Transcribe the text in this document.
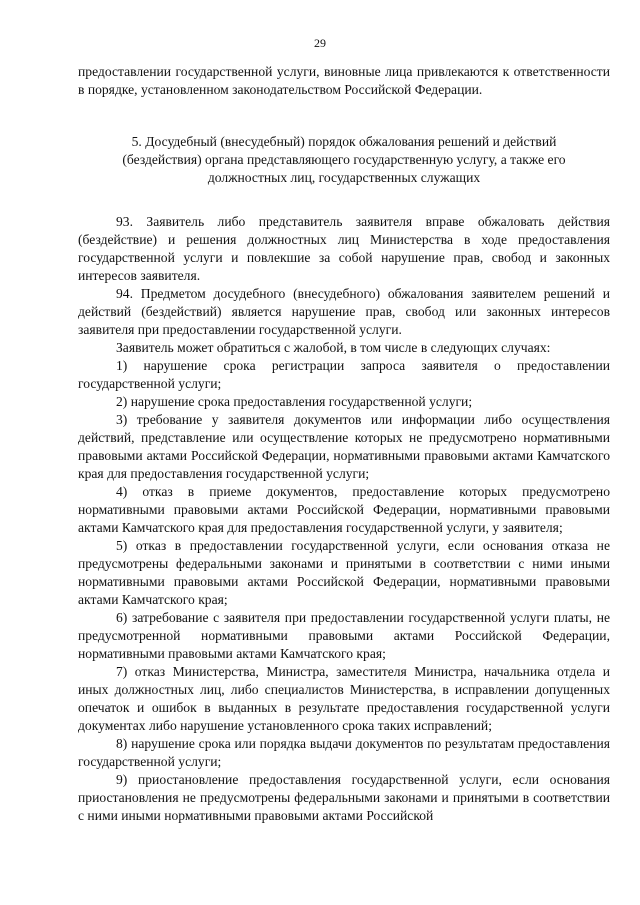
29

предоставлении государственной услуги, виновные лица привлекаются к ответственности в порядке, установленном законодательством Российской Федерации.

5. Досудебный (внесудебный) порядок обжалования решений и действий (бездействия) органа представляющего государственную услугу, а также его должностных лиц, государственных служащих

93. Заявитель либо представитель заявителя вправе обжаловать действия (бездействие) и решения должностных лиц Министерства в ходе предоставления государственной услуги и повлекшие за собой нарушение прав, свобод и законных интересов заявителя.

94. Предметом досудебного (внесудебного) обжалования заявителем решений и действий (бездействий) является нарушение прав, свобод или законных интересов заявителя при предоставлении государственной услуги.

Заявитель может обратиться с жалобой, в том числе в следующих случаях:

1) нарушение срока регистрации запроса заявителя о предоставлении государственной услуги;

2) нарушение срока предоставления государственной услуги;

3) требование у заявителя документов или информации либо осуществления действий, представление или осуществление которых не предусмотрено нормативными правовыми актами Российской Федерации, нормативными правовыми актами Камчатского края для предоставления государственной услуги;

4) отказ в приеме документов, предоставление которых предусмотрено нормативными правовыми актами Российской Федерации, нормативными правовыми актами Камчатского края для предоставления государственной услуги, у заявителя;

5) отказ в предоставлении государственной услуги, если основания отказа не предусмотрены федеральными законами и принятыми в соответствии с ними иными нормативными правовыми актами Российской Федерации, нормативными правовыми актами Камчатского края;

6) затребование с заявителя при предоставлении государственной услуги платы, не предусмотренной нормативными правовыми актами Российской Федерации, нормативными правовыми актами Камчатского края;

7) отказ Министерства, Министра, заместителя Министра, начальника отдела и иных должностных лиц, либо специалистов Министерства, в исправлении допущенных опечаток и ошибок в выданных в результате предоставления государственной услуги документах либо нарушение установленного срока таких исправлений;

8) нарушение срока или порядка выдачи документов по результатам предоставления государственной услуги;

9) приостановление предоставления государственной услуги, если основания приостановления не предусмотрены федеральными законами и принятыми в соответствии с ними иными нормативными правовыми актами Российской
